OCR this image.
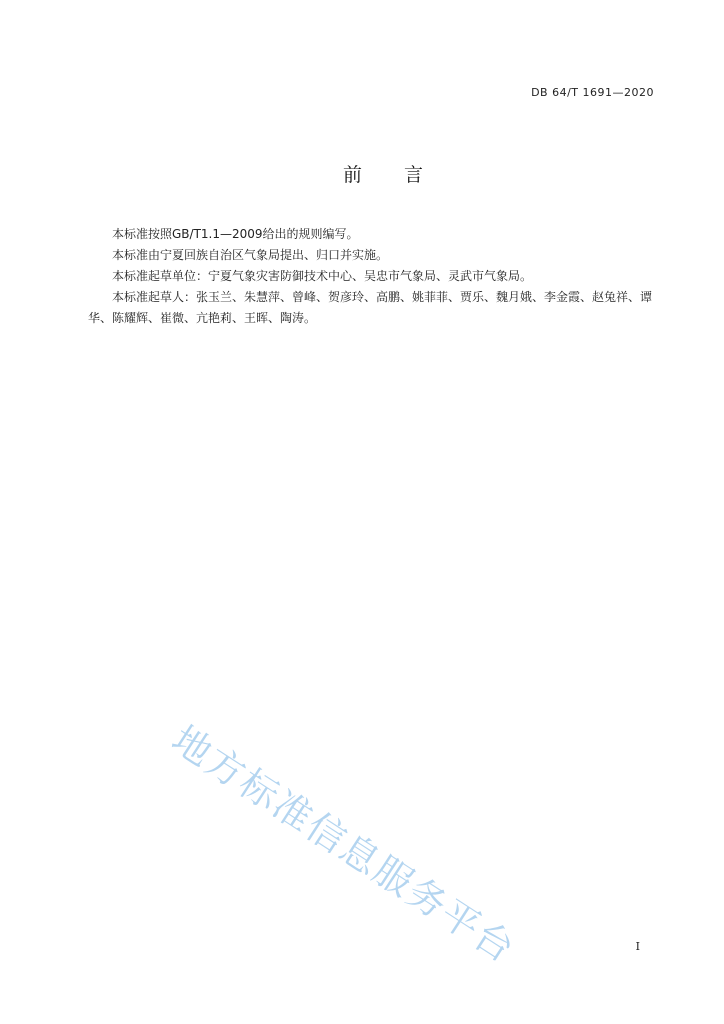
DB 64/T 1691—2020
前言

本标准按照GB/T1.1—2009给出的规则编写。

本标准由宁夏回族自治区气象局提出、归口并实施。

本标准起草单位：宁夏气象灾害防御技术中心、吴忠市气象局、灵武市气象局。

本标准起草人：张玉兰、朱慧萍、曾峰、贺彦玲、高鹏、姚菲菲、贾乐、魏月娥、李金霞、赵兔祥、谭华、陈耀辉、崔微、亢艳莉、王晖、陶涛。

地方标准信息服务平台	I
